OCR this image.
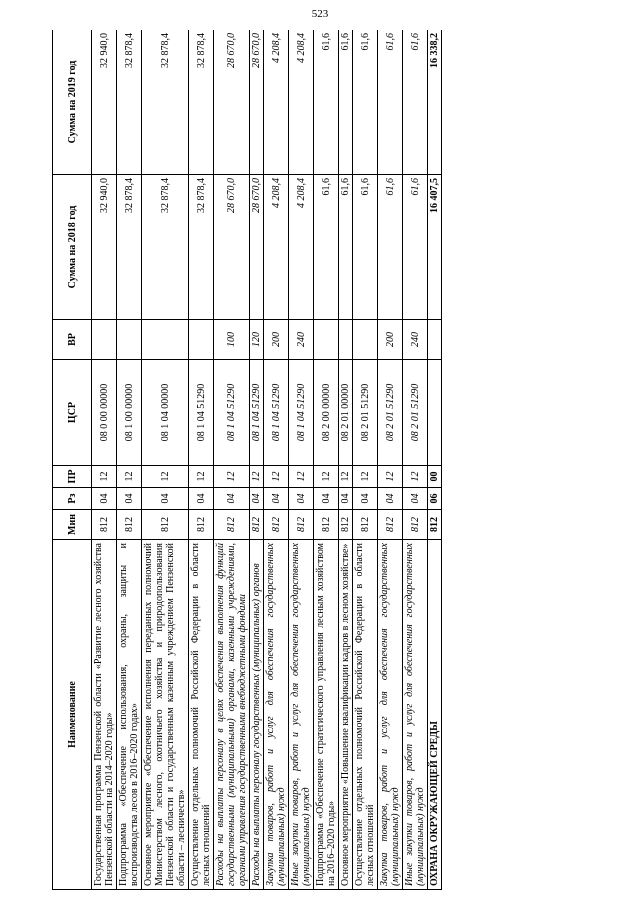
523
Наименование	Мин	Рз	ПР	ЦСР	ВР	Сумма на 2018 год	Сумма на 2019 год
Государственная программа Пензенской области «Развитие лесного хозяйства Пензенской области на 2014–2020 годы»	812	04	12	08 0 00 00000		32 940,0	32 940,0
Подпрограмма «Обеспечение использования, охраны, защиты и воспроизводства лесов в 2016–2020 годах»	812	04	12	08 1 00 00000		32 878,4	32 878,4
Основное мероприятие «Обеспечение исполнения переданных полномочий Министерством лесного, охотничьего хозяйства и природопользования Пензенской области и государственным казенным учреждением Пензенской области – лесничеств»	812	04	12	08 1 04 00000		32 878,4	32 878,4
Осуществление отдельных полномочий Российской Федерации в области лесных отношений	812	04	12	08 1 04 51290		32 878,4	32 878,4
Расходы на выплаты персоналу в целях обеспечения выполнения функций государственными (муниципальными) органами, казенными учреждениями, органами управления государственными внебюджетными фондами	812	04	12	08 1 04 51290	100	28 670,0	28 670,0
Расходы на выплаты персоналу государственных (муниципальных) органов	812	04	12	08 1 04 51290	120	28 670,0	28 670,0
Закупка товаров, работ и услуг для обеспечения государственных (муниципальных) нужд	812	04	12	08 1 04 51290	200	4 208,4	4 208,4
Иные закупки товаров, работ и услуг для обеспечения государственных (муниципальных) нужд	812	04	12	08 1 04 51290	240	4 208,4	4 208,4
Подпрограмма «Обеспечение стратегического управления лесным хозяйством на 2016–2020 годы»	812	04	12	08 2 00 00000		61,6	61,6
Основное мероприятие «Повышение квалификации кадров в лесном хозяйстве»	812	04	12	08 2 01 00000		61,6	61,6
Осуществление отдельных полномочий Российской Федерации в области лесных отношений	812	04	12	08 2 01 51290		61,6	61,6
Закупка товаров, работ и услуг для обеспечения государственных (муниципальных) нужд	812	04	12	08 2 01 51290	200	61,6	61,6
Иные закупки товаров, работ и услуг для обеспечения государственных (муниципальных) нужд	812	04	12	08 2 01 51290	240	61,6	61,6
ОХРАНА ОКРУЖАЮЩЕЙ СРЕДЫ	812	06	00			16 407,5	16 338,2
